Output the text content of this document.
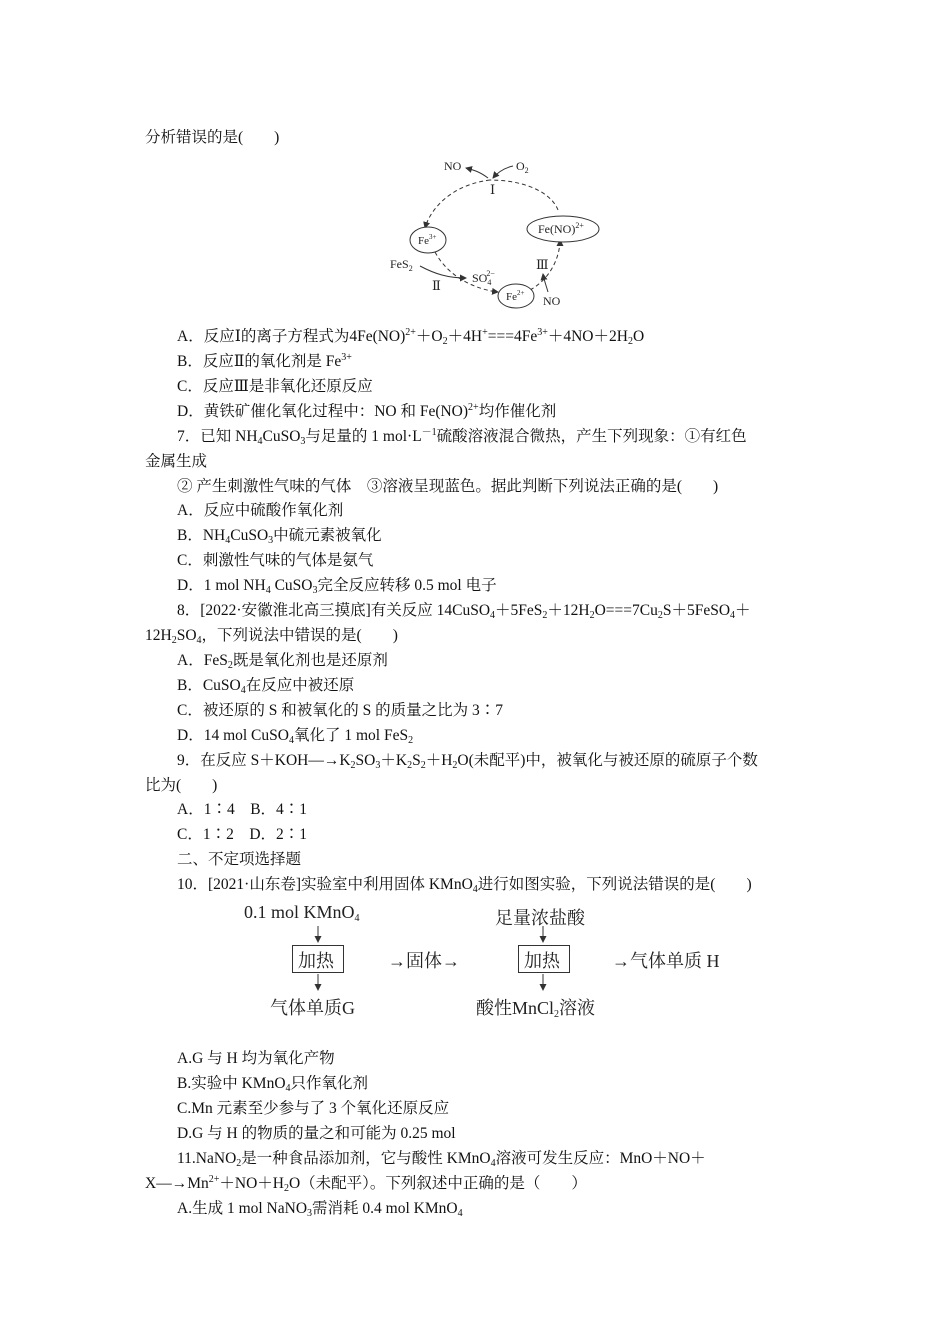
分析错误的是(　　)
NO	$O_2$
Ⅰ
$Fe^{3+}$
Fe(NO)$^{2+}$
Ⅲ
FeS$_2$
$SO_42-$
Ⅱ
$Fe^{2+}$
NO
A．反应Ⅰ的离子方程式为$4Fe(NO)^{2+}+O_2+4H^+===4Fe^{3+}+4NO+2H_2O$
B．反应Ⅱ的氧化剂是 $Fe^{3+}$
C．反应Ⅲ是非氧化还原反应
D．黄铁矿催化氧化过程中：NO 和 Fe(NO)$^{2+}$均作催化剂
7．已知 $NH_4CuSO_3$与足量的 1 $mol\cdot L^{-1}$硫酸溶液混合微热，产生下列现象：①有红色
金属生成
② 产生刺激性气味的气体　③溶液呈现蓝色。据此判断下列说法正确的是(　　)
A．反应中硫酸作氧化剂
B．$NH_4CuSO_3$中硫元素被氧化
C．刺激性气味的气体是氨气
D．1 mol $NH_4$ CuSO$_3$完全反应转移 0.5 mol 电子
8．[2022·安徽淮北高三摸底]有关反应 $14CuSO_4+5FeS_2+12H_2O===7Cu_2S+5FeSO_4+$
$12H_2SO_4$，下列说法中错误的是(　　)
A．FeS$_2$既是氧化剂也是还原剂
B．CuSO$_4$在反应中被还原
C．被还原的 S 和被氧化的 S 的质量之比为 3∶7
D．14 mol CuSO$_4$氧化了 1 mol FeS$_2$
9．在反应 $S+KOH―\to K_2SO_3+K_2S_2+H_2O$(未配平)中，被氧化与被还原的硫原子个数
比为(　　)
A．1∶4　B．4∶1
C．1∶2　D．2∶1
二、不定项选择题
10．[2021·山东卷]实验室中利用固体 KMnO$_4$进行如图实验，下列说法错误的是(　　)
0.1 mol KMnO$_4$	足量浓盐酸
加热	→固体→	加热	→气体单质 H
气体单质G	酸性MnCl$_2$溶液
A.G 与 H 均为氧化产物
B.实验中 KMnO$_4$只作氧化剂
C.Mn 元素至少参与了 3 个氧化还原反应
D.G 与 H 的物质的量之和可能为 0.25 mol
11.NaNO$_2$是一种食品添加剂，它与酸性 KMnO$_4$溶液可发生反应：MnO＋NO＋
$X―\to Mn^{2+}+NO+H_2O$（未配平）。下列叙述中正确的是（　　）
A.生成 1 mol NaNO$_3$需消耗 0.4 mol KMnO$_4$
